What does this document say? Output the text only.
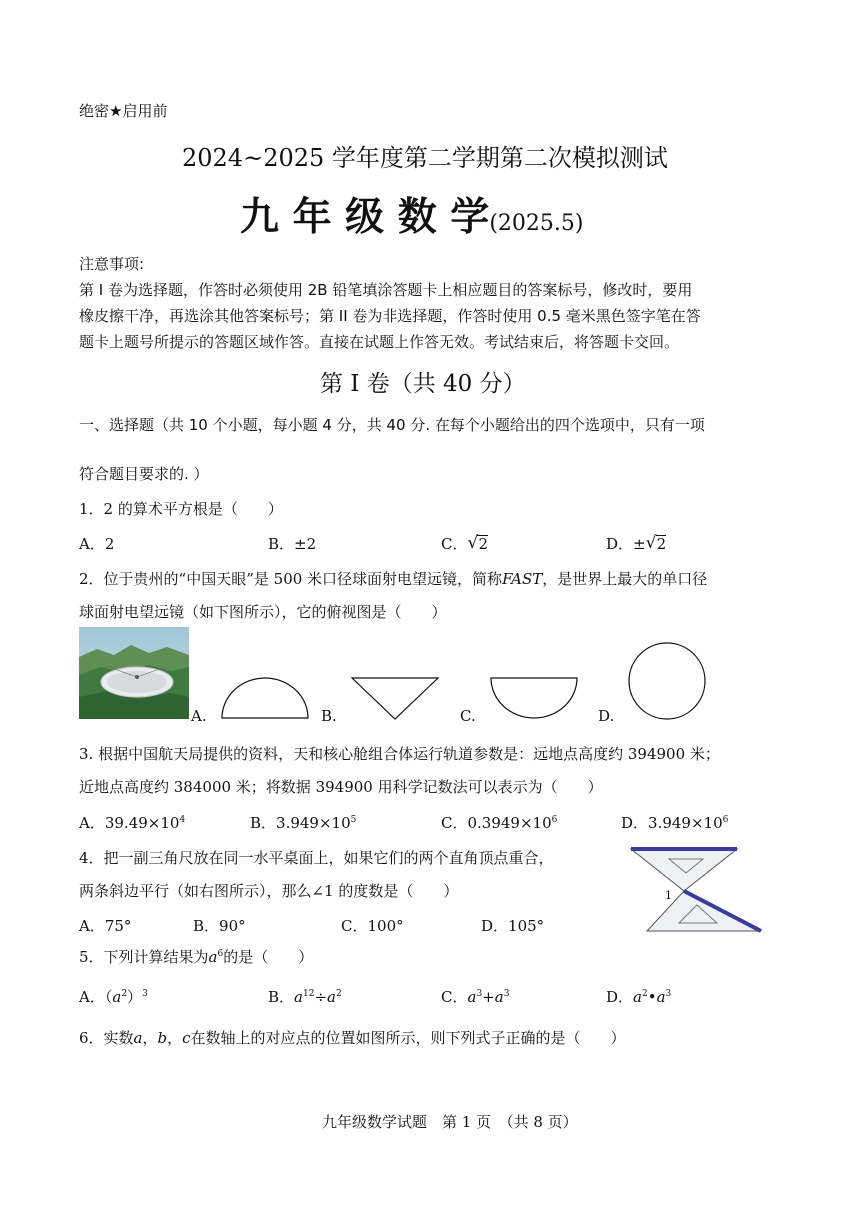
绝密★启用前
2024~2025 学年度第二学期第二次模拟测试
九 年 级 数 学(2025.5)
注意事项:
第 I 卷为选择题，作答时必须使用 2B 铅笔填涂答题卡上相应题目的答案标号，修改时，要用
橡皮擦干净，再选涂其他答案标号；第 II 卷为非选择题，作答时使用 0.5 毫米黑色签字笔在答
题卡上题号所提示的答题区域作答。直接在试题上作答无效。考试结束后，将答题卡交回。
第 I 卷（共 40 分）
一、选择题（共 10 个小题，每小题 4 分，共 40 分. 在每个小题给出的四个选项中，只有一项
符合题目要求的. ）
1．2 的算术平方根是（　　）
A．2	B．±2	C． √ 2	D．± √ 2
2．位于贵州的“中国天眼”是 500 米口径球面射电望远镜，简称FAST，是世界上最大的单口径
球面射电望远镜（如下图所示），它的俯视图是（　　）
A.	B.	C.	D.
3. 根据中国航天局提供的资料，天和核心舱组合体运行轨道参数是：远地点高度约 394900 米；
近地点高度约 384000 米；将数据 394900 用科学记数法可以表示为（　　）
A．$39.49\times 10^4$	B．$3.949\times 10^5$	C．$0.3949\times 10^6$	D．$3.949\times 10^6$
4．把一副三角尺放在同一水平桌面上，如果它们的两个直角顶点重合，
两条斜边平行（如右图所示），那么∠1 的度数是（　　）
A．75°	B．90°	C．100°	D．105°
1
5．下列计算结果为$a^6$的是（　　）
A．$(a^2)^3$	B．$a^{12}\div a^2$	C．$a^3+a^3$	D．$a^2•a^3$
6．实数a，b，c在数轴上的对应点的位置如图所示，则下列式子正确的是（　　）
九年级数学试题　第 1 页　（共 8 页）
